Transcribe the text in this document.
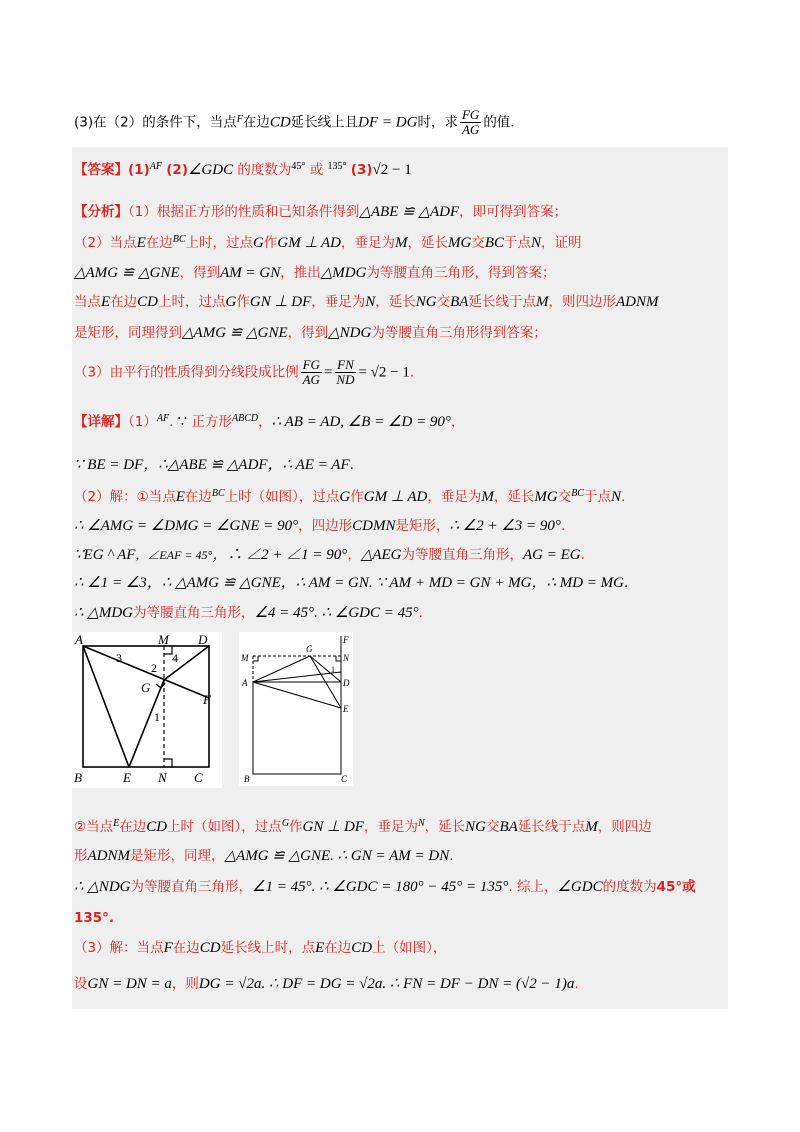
(3)在（2）的条件下，当点$^F$在边CD延长线上且DF = DG时，求 $\frac{FG}{AG}$ 的值.
【答案】$(1)^{AF}$ (2)∠GDC 的度数为$^{45^\circ}$ 或 $^{135^\circ}$ (3)√2 − 1
【分析】（1）根据正方形的性质和已知条件得到△ABE ≌ △ADF，即可得到答案；
（2）当点E在边$^{BC}$上时，过点G作GM ⊥ AD，垂足为M，延长MG交BC于点N，证明
△AMG ≌ △GNE，得到AM = GN，推出△MDG为等腰直角三角形，得到答案；
当点E在边CD上时，过点G作GN ⊥ DF，垂足为N，延长NG交BA延长线于点M，则四边形ADNM
是矩形，同理得到△AMG ≌ △GNE，得到△NDG为等腰直角三角形得到答案；
（3）由平行的性质得到分线段成比例 $\frac{FG}{AG} = \frac{FN}{ND} = √2 - 1$.
【详解】$(1)^{AF}$. ∵ 正方形$^{ABCD}$，∴ AB = AD, ∠B = ∠D = 90°，
∵ BE = DF，∴△ABE ≌ △ADF，∴ AE = AF.
（2）解：①当点E在边$^{BC}$上时（如图），过点G作GM ⊥ AD，垂足为M，延长MG交$^{BC}$于点N.
∴ ∠AMG = ∠DMG = ∠GNE = 90°，四边形CDMN是矩形，∴ ∠2 + ∠3 = 90°.
∵EG ^ AF，∠EAF = 45°，∴ ∠2 + ∠1 = 90°，△AEG为等腰直角三角形，AG = EG.
∴ ∠1 = ∠3，∴ △AMG ≌ △GNE，∴ AM = GN. ∵ AM + MD = GN + MG，∴ MD = MG.
∴ △MDG为等腰直角三角形，∠4 = 45°. ∴ ∠GDC = 45°.
A	M D
B	E N C
G
F
1
2
3	4
F
G
N
M
A	D
E
B	C
1
②当点$^E$在边CD上时（如图），过点$^G$作GN ⊥ DF，垂足为$^N$，延长NG交BA延长线于点M，则四边
形ADNM是矩形，同理，△AMG ≌ △GNE. ∴ GN = AM = DN.
∴ △NDG为等腰直角三角形，∠1 = 45°. ∴ ∠GDC = 180° − 45° = 135°. 综上，∠GDC的度数为45°或
135°.
（3）解：当点F在边CD延长线上时，点E在边CD上（如图），
设GN = DN = a，则DG = √2a. ∴ DF = DG = √2a. ∴ FN = DF − DN = (√2 − 1)a.
